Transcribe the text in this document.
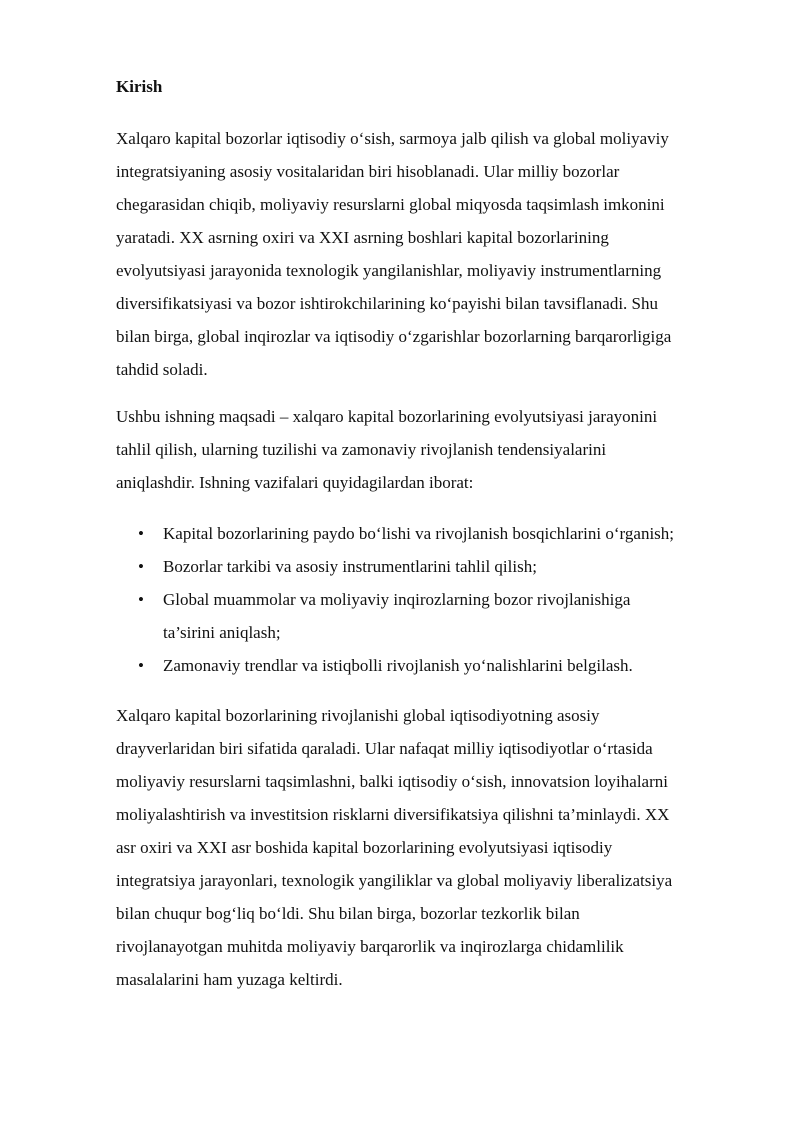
Kirish

Xalqaro kapital bozorlar iqtisodiy o‘sish, sarmoya jalb qilish va global moliyaviy
integratsiyaning asosiy vositalaridan biri hisoblanadi. Ular milliy bozorlar
chegarasidan chiqib, moliyaviy resurslarni global miqyosda taqsimlash imkonini
yaratadi. XX asrning oxiri va XXI asrning boshlari kapital bozorlarining
evolyutsiyasi jarayonida texnologik yangilanishlar, moliyaviy instrumentlarning
diversifikatsiyasi va bozor ishtirokchilarining ko‘payishi bilan tavsiflanadi. Shu
bilan birga, global inqirozlar va iqtisodiy o‘zgarishlar bozorlarning barqarorligiga
tahdid soladi.

Ushbu ishning maqsadi – xalqaro kapital bozorlarining evolyutsiyasi jarayonini
tahlil qilish, ularning tuzilishi va zamonaviy rivojlanish tendensiyalarini
aniqlashdir. Ishning vazifalari quyidagilardan iborat:

• Kapital bozorlarining paydo bo‘lishi va rivojlanish bosqichlarini o‘rganish;
• Bozorlar tarkibi va asosiy instrumentlarini tahlil qilish;
• Global muammolar va moliyaviy inqirozlarning bozor rivojlanishiga
ta’sirini aniqlash;
• Zamonaviy trendlar va istiqbolli rivojlanish yo‘nalishlarini belgilash.

Xalqaro kapital bozorlarining rivojlanishi global iqtisodiyotning asosiy
drayverlaridan biri sifatida qaraladi. Ular nafaqat milliy iqtisodiyotlar o‘rtasida
moliyaviy resurslarni taqsimlashni, balki iqtisodiy o‘sish, innovatsion loyihalarni
moliyalashtirish va investitsion risklarni diversifikatsiya qilishni ta’minlaydi. XX
asr oxiri va XXI asr boshida kapital bozorlarining evolyutsiyasi iqtisodiy
integratsiya jarayonlari, texnologik yangiliklar va global moliyaviy liberalizatsiya
bilan chuqur bog‘liq bo‘ldi. Shu bilan birga, bozorlar tezkorlik bilan
rivojlanayotgan muhitda moliyaviy barqarorlik va inqirozlarga chidamlilik
masalalarini ham yuzaga keltirdi.
